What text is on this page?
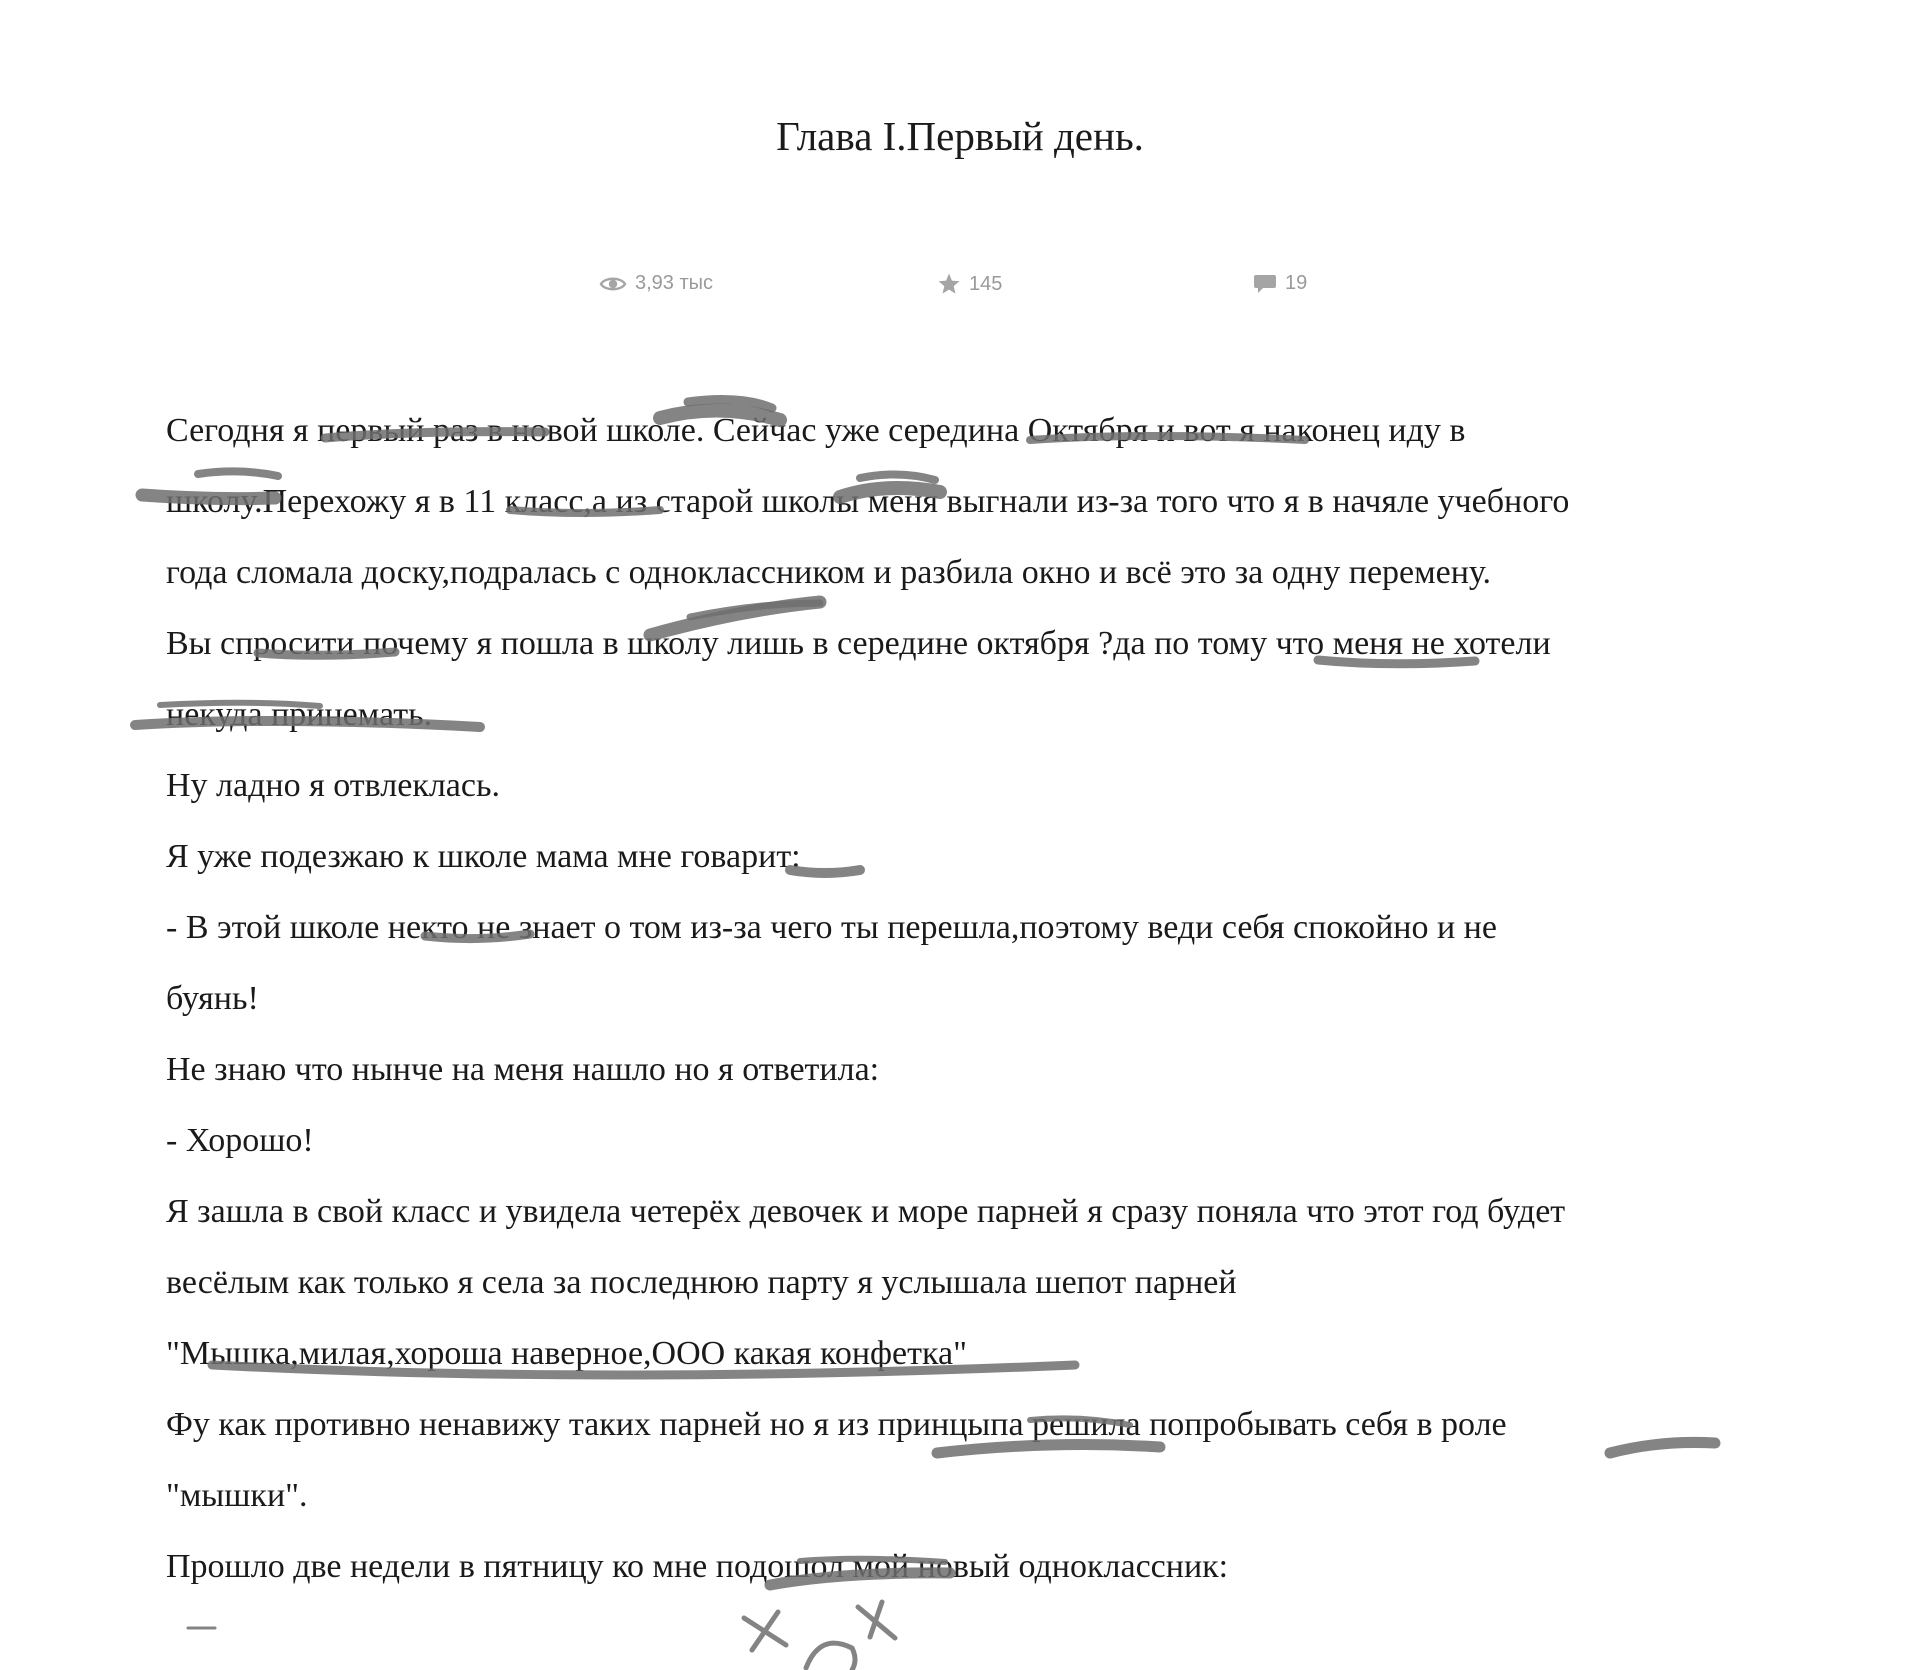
Глава I.Первый день.
3,93 тыс	145	19

Сегодня я первый раз в новой школе. Сейчас уже середина Октября и вот я наконец иду в

школу.Перехожу я в 11 класс,а из старой школы меня выгнали из-за того что я в начяле учебного

года сломала доску,подралась с одноклассником и разбила окно и всё это за одну перемену.

Вы спросити почему я пошла в школу лишь в середине октября ?да по тому что меня не хотели

некуда принемать.

Ну ладно я отвлеклась.

Я уже подезжаю к школе мама мне говарит:

- В этой школе некто не знает о том из-за чего ты перешла,поэтому веди себя спокойно и не

буянь!

Не знаю что нынче на меня нашло но я ответила:

- Хорошо!

Я зашла в свой класс и увидела четерёх девочек и море парней я сразу поняла что этот год будет

весёлым как только я села за последнюю парту я услышала шепот парней

"Мышка,милая,хороша наверное,ООО какая конфетка"

Фу как противно ненавижу таких парней но я из принцыпа решила попробывать себя в роле

"мышки".

Прошло две недели в пятницу ко мне подошол мой новый одноклассник:
